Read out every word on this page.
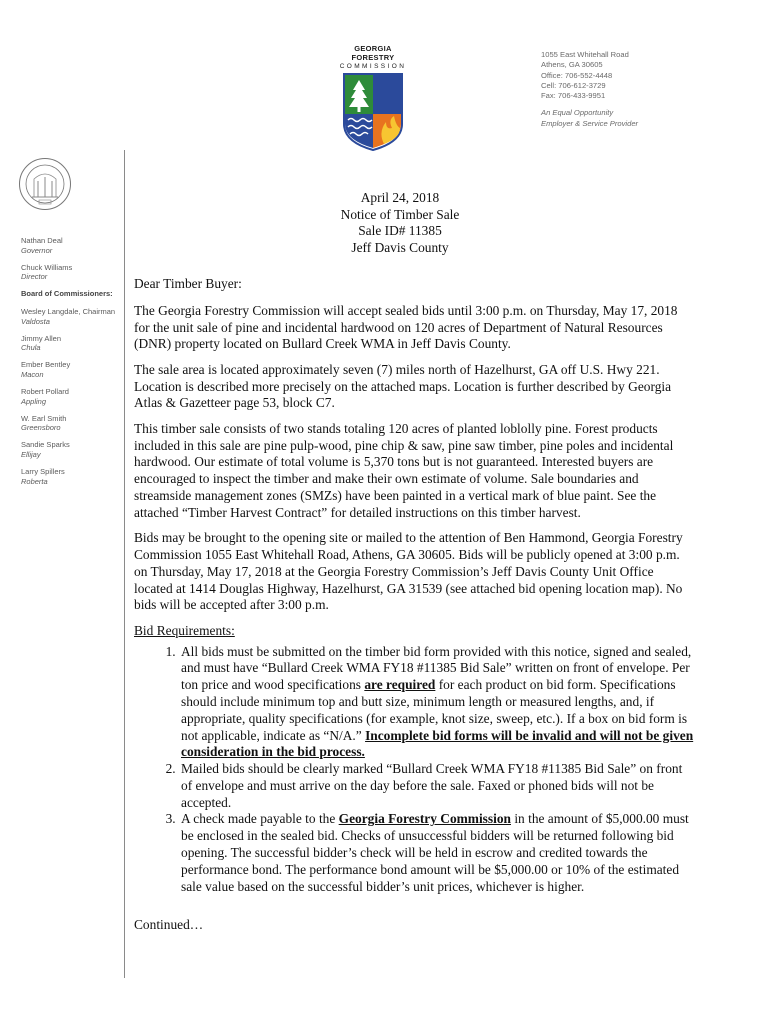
GEORGIA FORESTRY
COMMISSION
1055 East Whitehall Road
Athens, GA 30605
Office: 706-552-4448
Cell: 706-612-3729
Fax: 706-433-9951
An Equal Opportunity
Employer & Service Provider
Nathan Deal
Governor
Chuck Williams
Director
Board of Commissioners:
Wesley Langdale, Chairman
Valdosta
Jimmy Allen
Chula
Ember Bentley
Macon
Robert Pollard
Appling
W. Earl Smith
Greensboro
Sandie Sparks
Ellijay
Larry Spillers
Roberta
April 24, 2018
Notice of Timber Sale
Sale ID# 11385
Jeff Davis County

Dear Timber Buyer:

The Georgia Forestry Commission will accept sealed bids until 3:00 p.m. on Thursday, May 17, 2018 for the unit sale of pine and incidental hardwood on 120 acres of Department of Natural Resources (DNR) property located on Bullard Creek WMA in Jeff Davis County.

The sale area is located approximately seven (7) miles north of Hazelhurst, GA off U.S. Hwy 221. Location is described more precisely on the attached maps. Location is further described by Georgia Atlas & Gazetteer page 53, block C7.

This timber sale consists of two stands totaling 120 acres of planted loblolly pine. Forest products included in this sale are pine pulp-wood, pine chip & saw, pine saw timber, pine poles and incidental hardwood. Our estimate of total volume is 5,370 tons but is not guaranteed. Interested buyers are encouraged to inspect the timber and make their own estimate of volume. Sale boundaries and streamside management zones (SMZs) have been painted in a vertical mark of blue paint. See the attached “Timber Harvest Contract” for detailed instructions on this timber harvest.

Bids may be brought to the opening site or mailed to the attention of Ben Hammond, Georgia Forestry Commission 1055 East Whitehall Road, Athens, GA 30605. Bids will be publicly opened at 3:00 p.m. on Thursday, May 17, 2018 at the Georgia Forestry Commission’s Jeff Davis County Unit Office located at 1414 Douglas Highway, Hazelhurst, GA 31539 (see attached bid opening location map). No bids will be accepted after 3:00 p.m.

Bid Requirements:
1. All bids must be submitted on the timber bid form provided with this notice, signed and sealed, and must have “Bullard Creek WMA FY18 #11385 Bid Sale” written on front of envelope. Per ton price and wood specifications are required for each product on bid form. Specifications should include minimum top and butt size, minimum length or measured lengths, and, if appropriate, quality specifications (for example, knot size, sweep, etc.). If a box on bid form is not applicable, indicate as “N/A.” Incomplete bid forms will be invalid and will not be given consideration in the bid process.
2. Mailed bids should be clearly marked “Bullard Creek WMA FY18 #11385 Bid Sale” on front of envelope and must arrive on the day before the sale. Faxed or phoned bids will not be accepted.
3. A check made payable to the Georgia Forestry Commission in the amount of $5,000.00 must be enclosed in the sealed bid. Checks of unsuccessful bidders will be returned following bid opening. The successful bidder’s check will be held in escrow and credited towards the performance bond. The performance bond amount will be $5,000.00 or 10% of the estimated sale value based on the successful bidder’s unit prices, whichever is higher.
Continued…
